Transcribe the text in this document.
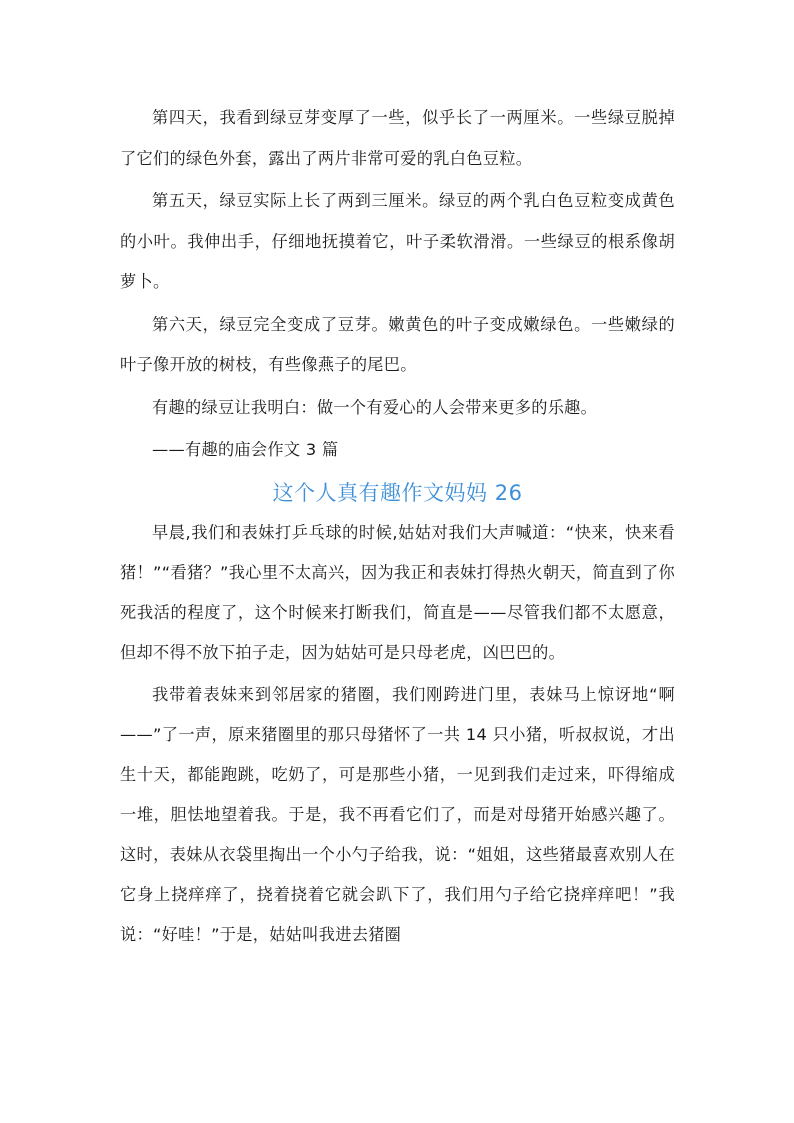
第四天，我看到绿豆芽变厚了一些，似乎长了一两厘米。一些绿豆脱掉了它们的绿色外套，露出了两片非常可爱的乳白色豆粒。

第五天，绿豆实际上长了两到三厘米。绿豆的两个乳白色豆粒变成黄色的小叶。我伸出手，仔细地抚摸着它，叶子柔软滑滑。一些绿豆的根系像胡萝卜。

第六天，绿豆完全变成了豆芽。嫩黄色的叶子变成嫩绿色。一些嫩绿的叶子像开放的树枝，有些像燕子的尾巴。

有趣的绿豆让我明白：做一个有爱心的人会带来更多的乐趣。

——有趣的庙会作文 3 篇

这个人真有趣作文妈妈 26

早晨,我们和表妹打乒乓球的时候,姑姑对我们大声喊道：“快来，快来看猪！”“看猪？”我心里不太高兴，因为我正和表妹打得热火朝天，简直到了你死我活的程度了，这个时候来打断我们，简直是——尽管我们都不太愿意，但却不得不放下拍子走，因为姑姑可是只母老虎，凶巴巴的。

我带着表妹来到邻居家的猪圈，我们刚跨进门里，表妹马上惊讶地“啊——”了一声，原来猪圈里的那只母猪怀了一共 14 只小猪，听叔叔说，才出生十天，都能跑跳，吃奶了，可是那些小猪，一见到我们走过来，吓得缩成一堆，胆怯地望着我。于是，我不再看它们了，而是对母猪开始感兴趣了。这时，表妹从衣袋里掏出一个小勺子给我，说：“姐姐，这些猪最喜欢别人在它身上挠痒痒了，挠着挠着它就会趴下了，我们用勺子给它挠痒痒吧！”我说：“好哇！”于是，姑姑叫我进去猪圈
